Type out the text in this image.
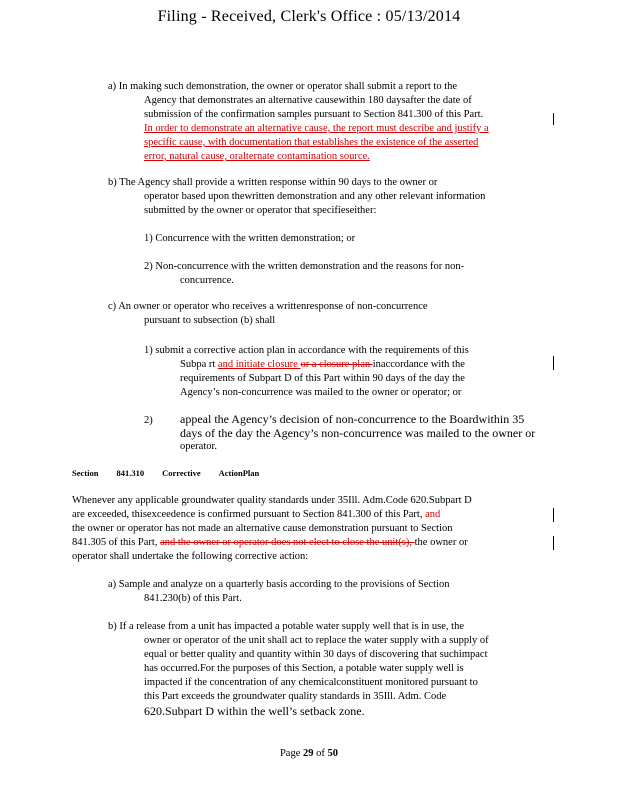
Filing - Received, Clerk's Office : 05/13/2014
a) In making such demonstration, the owner or operator shall submit a report to the
Agency that demonstrates an alternative causewithin 180 daysafter the date of
submission of the confirmation samples pursuant to Section 841.300 of this Part.
In order to demonstrate an alternative cause, the report must describe and justify a
specific cause, with documentation that establishes the existence of the asserted
error, natural cause, oralternate contamination source.
b) The Agency shall provide a written response within 90 days to the owner or
operator based upon thewritten demonstration and any other relevant information
submitted by the owner or operator that specifieseither:
1) Concurrence with the written demonstration; or
2) Non-concurrence with the written demonstration and the reasons for non-
concurrence.
c) An owner or operator who receives a writtenresponse of non-concurrence
pursuant to subsection (b) shall
1) submit a corrective action plan in accordance with the requirements of this
Subpa rt and initiate closure or a closure plan inaccordance with the
requirements of Subpart D of this Part within 90 days of the day the
Agency’s non-concurrence was mailed to the owner or operator; or
2) appeal the Agency’s decision of non-concurrence to the Boardwithin 35
days of the day the Agency’s non-concurrence was mailed to the owner or
operator.
Section 841.310 Corrective ActionPlan
Whenever any applicable groundwater quality standards under 35Ill. Adm.Code 620.Subpart D
are exceeded, thisexceedence is confirmed pursuant to Section 841.300 of this Part, and
the owner or operator has not made an alternative cause demonstration pursuant to Section
841.305 of this Part, and the owner or operator does not elect to close the unit(s), the owner or
operator shall undertake the following corrective action:
a) Sample and analyze on a quarterly basis according to the provisions of Section
841.230(b) of this Part.
b) If a release from a unit has impacted a potable water supply well that is in use, the
owner or operator of the unit shall act to replace the water supply with a supply of
equal or better quality and quantity within 30 days of discovering that suchimpact
has occurred.For the purposes of this Section, a potable water supply well is
impacted if the concentration of any chemicalconstituent monitored pursuant to
this Part exceeds the groundwater quality standards in 35Ill. Adm. Code
620.Subpart D within the well’s setback zone.
Page 29 of 50
